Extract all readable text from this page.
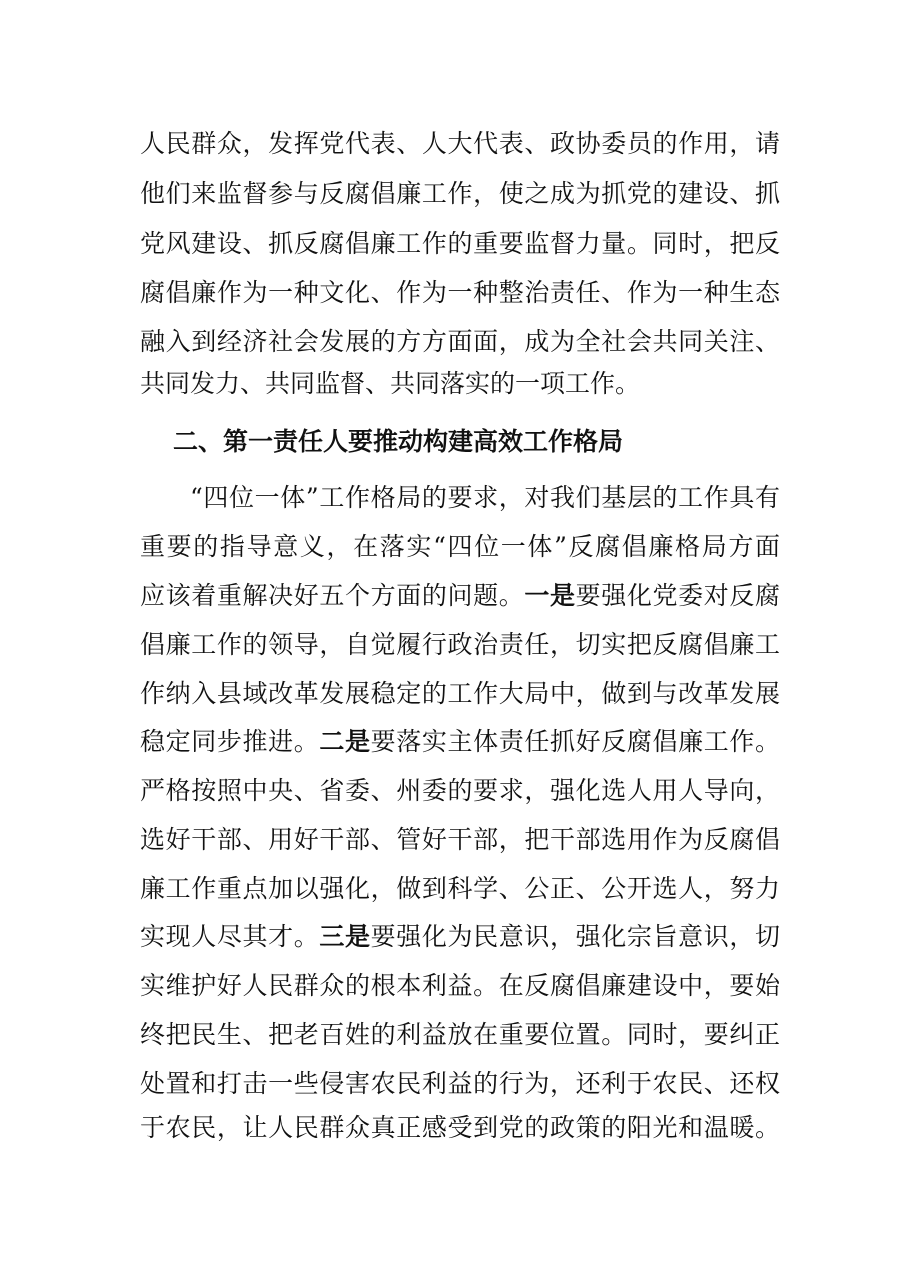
人民群众，发挥党代表、人大代表、政协委员的作用，请
他们来监督参与反腐倡廉工作，使之成为抓党的建设、抓
党风建设、抓反腐倡廉工作的重要监督力量。同时，把反
腐倡廉作为一种文化、作为一种整治责任、作为一种生态
融入到经济社会发展的方方面面，成为全社会共同关注、
共同发力、共同监督、共同落实的一项工作。
二、第一责任人要推动构建高效工作格局
“四位一体”工作格局的要求，对我们基层的工作具有
重要的指导意义，在落实“四位一体”反腐倡廉格局方面
应该着重解决好五个方面的问题。一是要强化党委对反腐
倡廉工作的领导，自觉履行政治责任，切实把反腐倡廉工
作纳入县域改革发展稳定的工作大局中，做到与改革发展
稳定同步推进。二是要落实主体责任抓好反腐倡廉工作。
严格按照中央、省委、州委的要求，强化选人用人导向，
选好干部、用好干部、管好干部，把干部选用作为反腐倡
廉工作重点加以强化，做到科学、公正、公开选人，努力
实现人尽其才。三是要强化为民意识，强化宗旨意识，切
实维护好人民群众的根本利益。在反腐倡廉建设中，要始
终把民生、把老百姓的利益放在重要位置。同时，要纠正
处置和打击一些侵害农民利益的行为，还利于农民、还权
于农民，让人民群众真正感受到党的政策的阳光和温暖。
